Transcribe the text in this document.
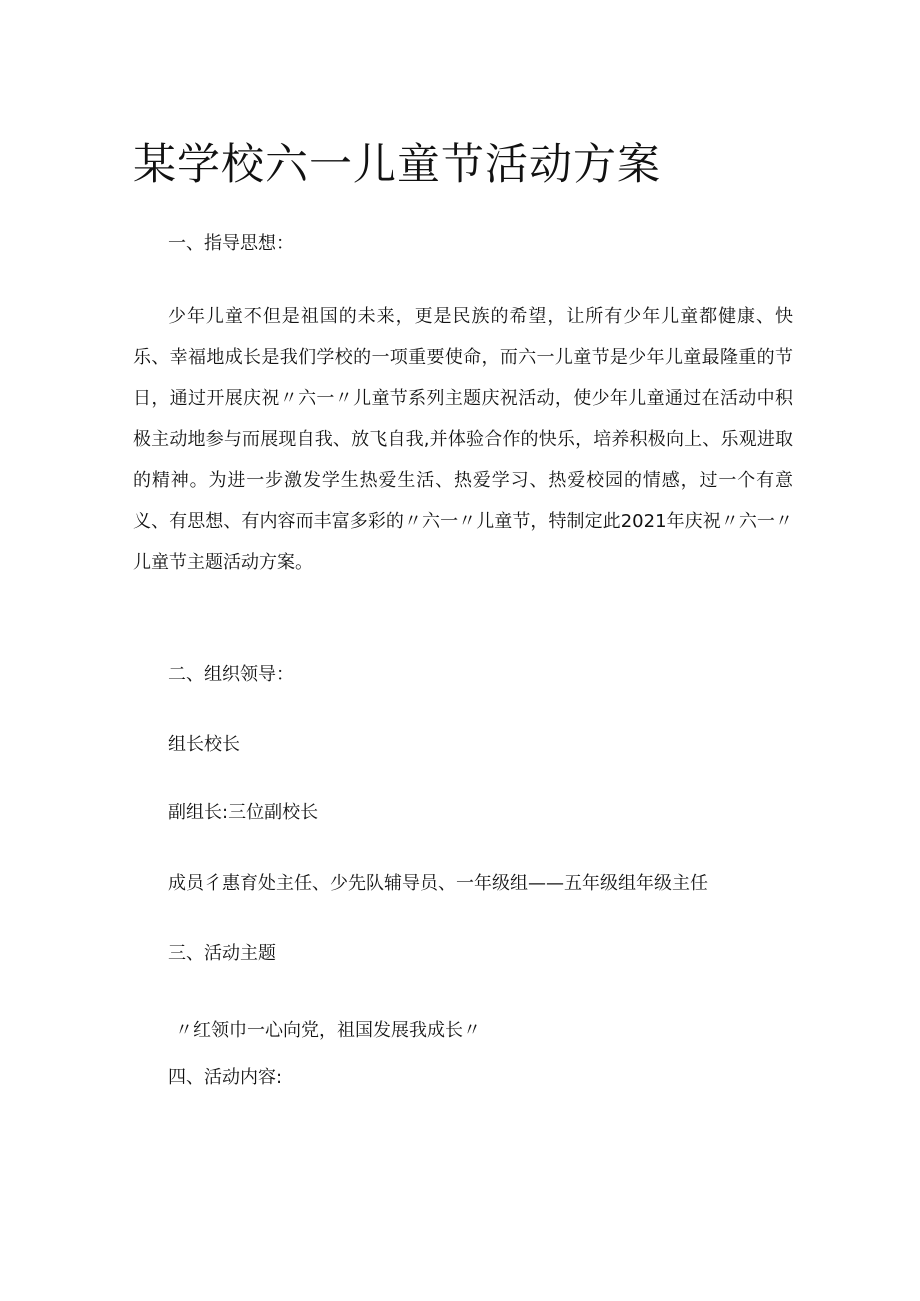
某学校六一儿童节活动方案

一、指导思想：

少年儿童不但是祖国的未来，更是民族的希望，让所有少年儿童都健康、快乐、幸福地成长是我们学校的一项重要使命，而六一儿童节是少年儿童最隆重的节日，通过开展庆祝〃六一〃儿童节系列主题庆祝活动，使少年儿童通过在活动中积极主动地参与而展现自我、放飞自我,并体验合作的快乐，培养积极向上、乐观进取的精神。为进一步激发学生热爱生活、热爱学习、热爱校园的情感，过一个有意义、有思想、有内容而丰富多彩的〃六一〃儿童节，特制定此2021年庆祝〃六一〃儿童节主题活动方案。

二、组织领导：

组长校长

副组长:三位副校长

成员彳惠育处主任、少先队辅导员、一年级组——五年级组年级主任

三、活动主题

〃红领巾一心向党，祖国发展我成长〃

四、活动内容:
